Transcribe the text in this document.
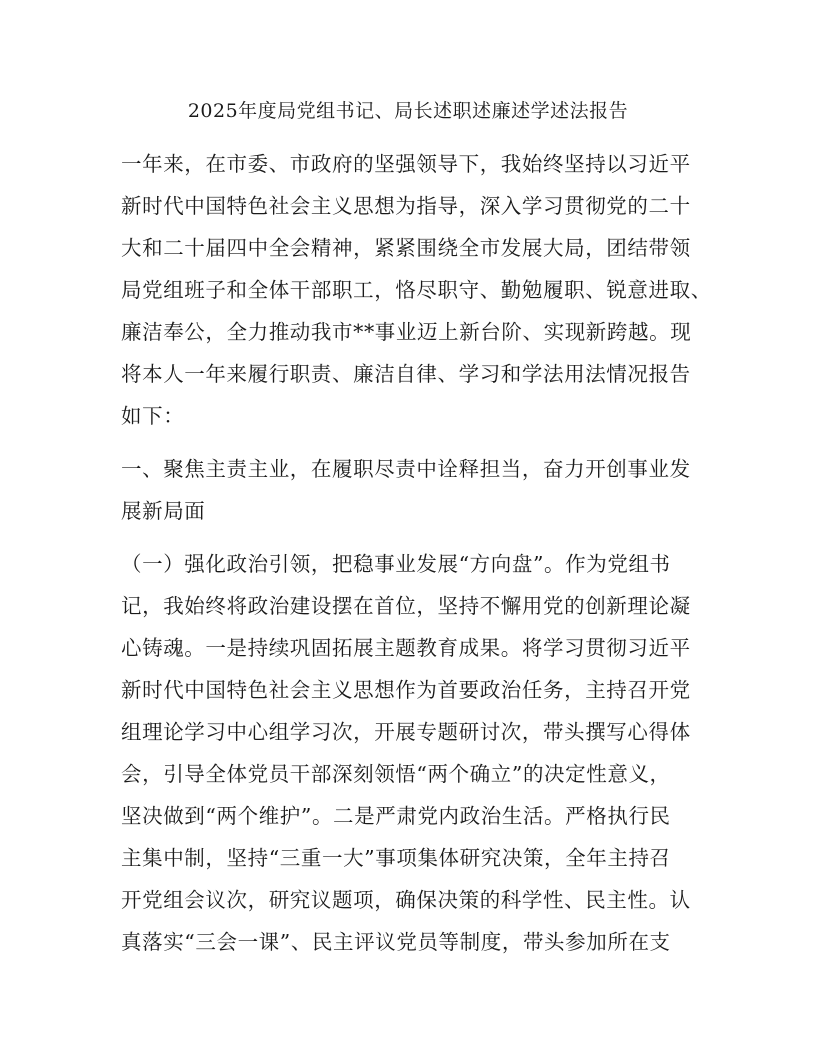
2025年度局党组书记、局长述职述廉述学述法报告
一年来，在市委、市政府的坚强领导下，我始终坚持以习近平
新时代中国特色社会主义思想为指导，深入学习贯彻党的二十
大和二十届四中全会精神，紧紧围绕全市发展大局，团结带领
局党组班子和全体干部职工，恪尽职守、勤勉履职、锐意进取、
廉洁奉公，全力推动我市**事业迈上新台阶、实现新跨越。现
将本人一年来履行职责、廉洁自律、学习和学法用法情况报告
如下：
一、聚焦主责主业，在履职尽责中诠释担当，奋力开创事业发
展新局面
（一）强化政治引领，把稳事业发展“方向盘”。作为党组书
记，我始终将政治建设摆在首位，坚持不懈用党的创新理论凝
心铸魂。一是持续巩固拓展主题教育成果。将学习贯彻习近平
新时代中国特色社会主义思想作为首要政治任务，主持召开党
组理论学习中心组学习次，开展专题研讨次，带头撰写心得体
会，引导全体党员干部深刻领悟“两个确立”的决定性意义，
坚决做到“两个维护”。二是严肃党内政治生活。严格执行民
主集中制，坚持“三重一大”事项集体研究决策，全年主持召
开党组会议次，研究议题项，确保决策的科学性、民主性。认
真落实“三会一课”、民主评议党员等制度，带头参加所在支
